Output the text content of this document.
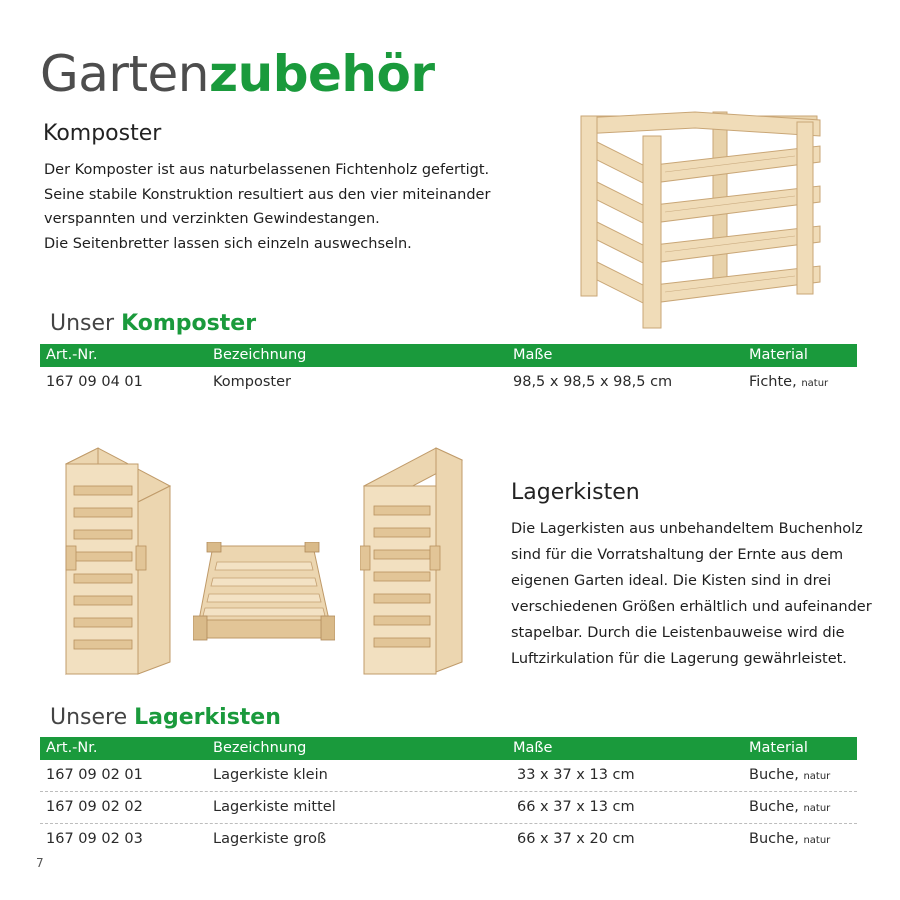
Gartenzubehör
Komposter

Der Komposter ist aus naturbelassenen Fichtenholz gefertigt.

Seine stabile Konstruktion resultiert aus den vier miteinander

verspannten und verzinkten Gewindestangen.

Die Seitenbretter lassen sich einzeln auswechseln.

Unser Komposter
Art.-Nr.	Bezeichnung	Maße	Material
167 09 04 01	Komposter	98,5 x 98,5 x 98,5 cm	Fichte, natur
Lagerkisten

Die Lagerkisten aus unbehandeltem Buchenholz

sind für die Vorratshaltung der Ernte aus dem

eigenen Garten ideal. Die Kisten sind in drei

verschiedenen Größen erhältlich und aufeinander

stapelbar. Durch die Leistenbauweise wird die

Luftzirkulation für die Lagerung gewährleistet.

Unsere Lagerkisten
Art.-Nr.	Bezeichnung	Maße	Material
167 09 02 01	Lagerkiste klein	33 x 37 x 13 cm	Buche, natur
167 09 02 02	Lagerkiste mittel	66 x 37 x 13 cm	Buche, natur
167 09 02 03	Lagerkiste groß	66 x 37 x 20 cm	Buche, natur
7
